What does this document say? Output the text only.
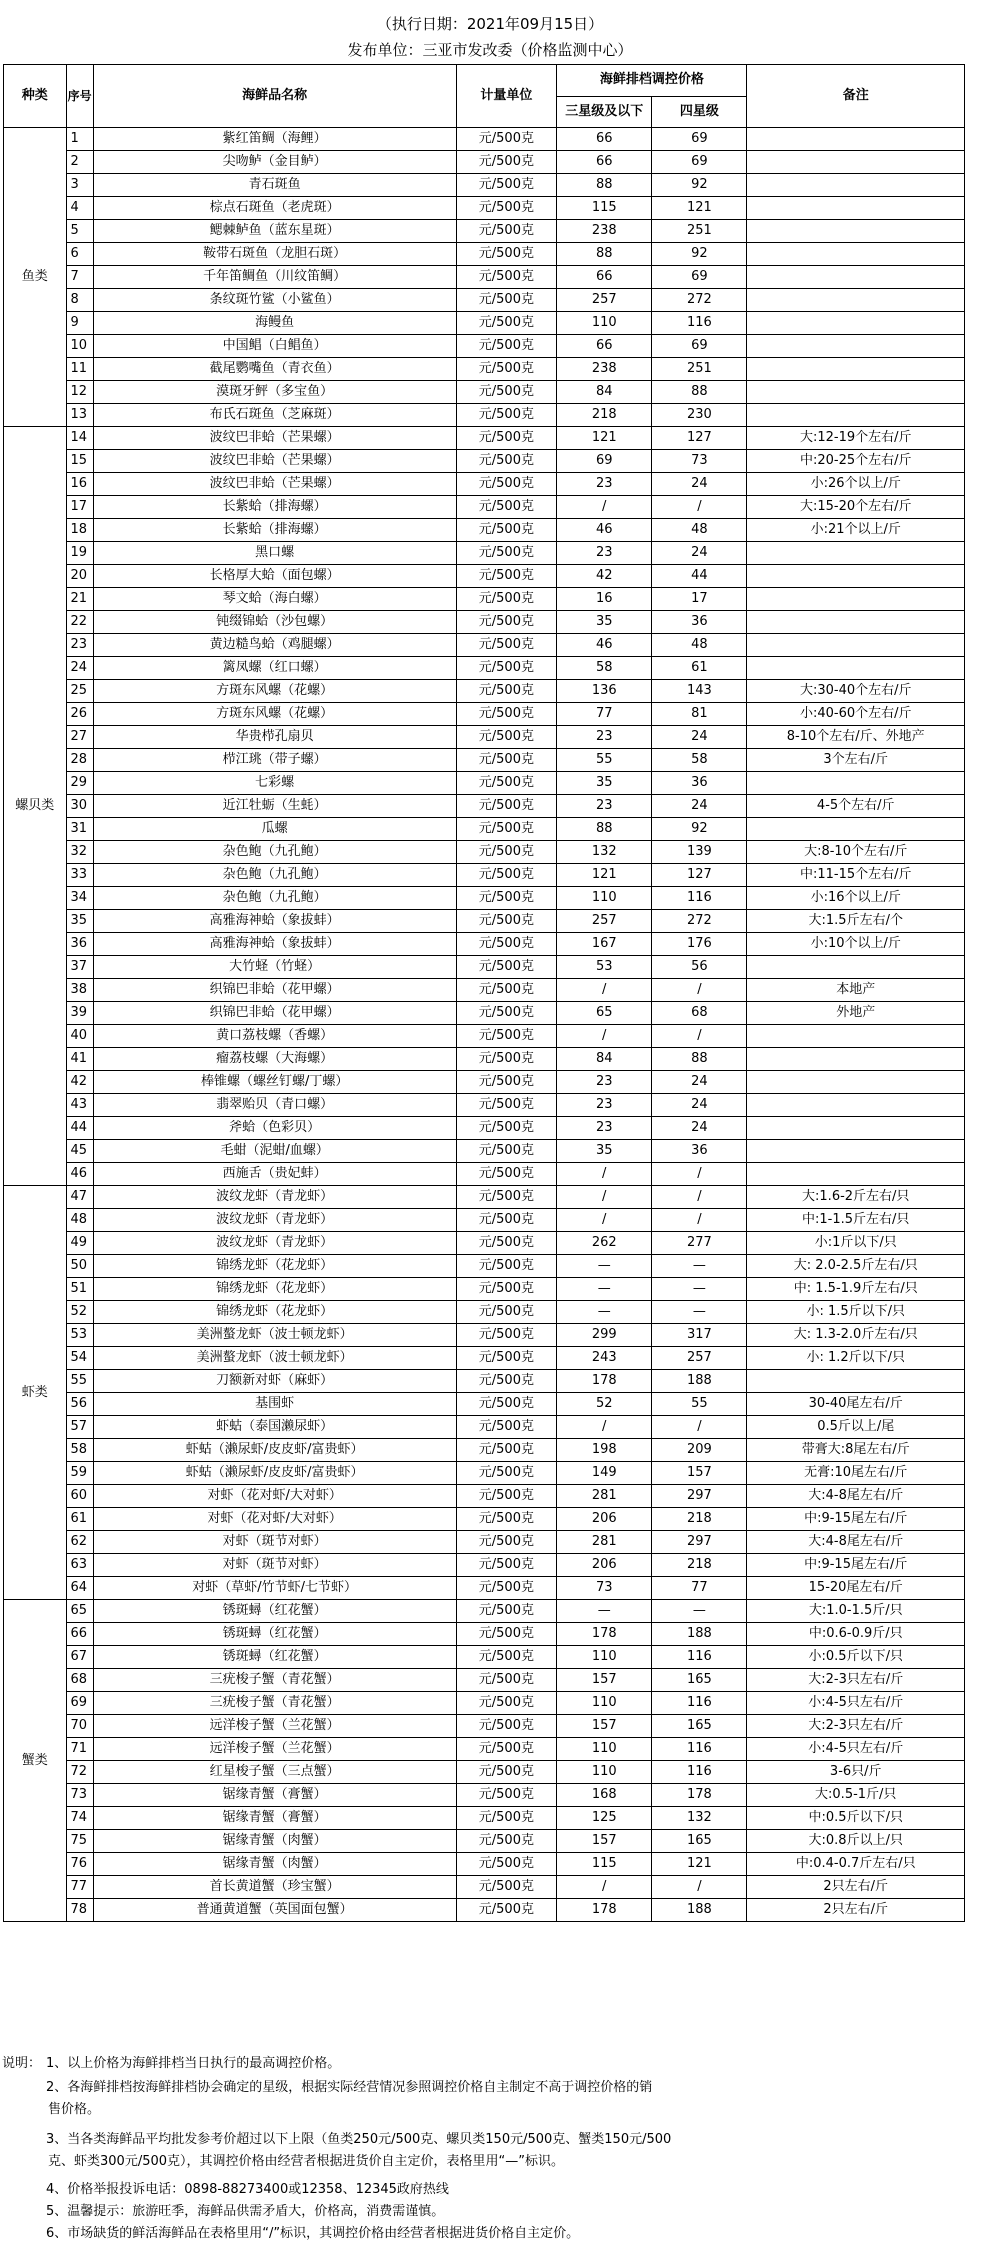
（执行日期：2021年09月15日）
发布单位：三亚市发改委（价格监测中心）
种类	序号	海鲜品名称	计量单位	海鲜排档调控价格		备注
				三星级及以下	四星级	
鱼类	1	紫红笛鲷（海鲤）	元/500克	66	69	
	2	尖吻鲈（金目鲈）	元/500克	66	69	
	3	青石斑鱼	元/500克	88	92	
	4	棕点石斑鱼（老虎斑）	元/500克	115	121	
	5	鳃棘鲈鱼（蓝东星斑）	元/500克	238	251	
	6	鞍带石斑鱼（龙胆石斑）	元/500克	88	92	
	7	千年笛鲷鱼（川纹笛鲷）	元/500克	66	69	
	8	条纹斑竹鲨（小鲨鱼）	元/500克	257	272	
	9	海鳗鱼	元/500克	110	116	
	10	中国鲳（白鲳鱼）	元/500克	66	69	
	11	截尾鹦嘴鱼（青衣鱼）	元/500克	238	251	
	12	漠斑牙鲆（多宝鱼）	元/500克	84	88	
	13	布氏石斑鱼（芝麻斑）	元/500克	218	230	
螺贝类	14	波纹巴非蛤（芒果螺）	元/500克	121	127	大:12-19个左右/斤
	15	波纹巴非蛤（芒果螺）	元/500克	69	73	中:20-25个左右/斤
	16	波纹巴非蛤（芒果螺）	元/500克	23	24	小:26个以上/斤
	17	长紫蛤（排海螺）	元/500克	/	/	大:15-20个左右/斤
	18	长紫蛤（排海螺）	元/500克	46	48	小:21个以上/斤
	19	黑口螺	元/500克	23	24	
	20	长格厚大蛤（面包螺）	元/500克	42	44	
	21	琴文蛤（海白螺）	元/500克	16	17	
	22	钝缀锦蛤（沙包螺）	元/500克	35	36	
	23	黄边糙鸟蛤（鸡腿螺）	元/500克	46	48	
	24	篱凤螺（红口螺）	元/500克	58	61	
	25	方斑东风螺（花螺）	元/500克	136	143	大:30-40个左右/斤
	26	方斑东风螺（花螺）	元/500克	77	81	小:40-60个左右/斤
	27	华贵栉孔扇贝	元/500克	23	24	8-10个左右/斤、外地产
	28	栉江珧（带子螺）	元/500克	55	58	3个左右/斤
	29	七彩螺	元/500克	35	36	
	30	近江牡蛎（生蚝）	元/500克	23	24	4-5个左右/斤
	31	瓜螺	元/500克	88	92	
	32	杂色鲍（九孔鲍）	元/500克	132	139	大:8-10个左右/斤
	33	杂色鲍（九孔鲍）	元/500克	121	127	中:11-15个左右/斤
	34	杂色鲍（九孔鲍）	元/500克	110	116	小:16个以上/斤
	35	高雅海神蛤（象拔蚌）	元/500克	257	272	大:1.5斤左右/个
	36	高雅海神蛤（象拔蚌）	元/500克	167	176	小:10个以上/斤
	37	大竹蛏（竹蛏）	元/500克	53	56	
	38	织锦巴非蛤（花甲螺）	元/500克	/	/	本地产
	39	织锦巴非蛤（花甲螺）	元/500克	65	68	外地产
	40	黄口荔枝螺（香螺）	元/500克	/	/	
	41	瘤荔枝螺（大海螺）	元/500克	84	88	
	42	棒锥螺（螺丝钉螺/丁螺）	元/500克	23	24	
	43	翡翠贻贝（青口螺）	元/500克	23	24	
	44	斧蛤（色彩贝）	元/500克	23	24	
	45	毛蚶（泥蚶/血螺）	元/500克	35	36	
	46	西施舌（贵妃蚌）	元/500克	/	/	
虾类	47	波纹龙虾（青龙虾）	元/500克	/	/	大:1.6-2斤左右/只
	48	波纹龙虾（青龙虾）	元/500克	/	/	中:1-1.5斤左右/只
	49	波纹龙虾（青龙虾）	元/500克	262	277	小:1斤以下/只
	50	锦绣龙虾（花龙虾）	元/500克	—	—	大: 2.0-2.5斤左右/只
	51	锦绣龙虾（花龙虾）	元/500克	—	—	中: 1.5-1.9斤左右/只
	52	锦绣龙虾（花龙虾）	元/500克	—	—	小: 1.5斤以下/只
	53	美洲螯龙虾（波士顿龙虾）	元/500克	299	317	大: 1.3-2.0斤左右/只
	54	美洲螯龙虾（波士顿龙虾）	元/500克	243	257	小: 1.2斤以下/只
	55	刀额新对虾（麻虾）	元/500克	178	188	
	56	基围虾	元/500克	52	55	30-40尾左右/斤
	57	虾蛄（泰国濑尿虾）	元/500克	/	/	0.5斤以上/尾
	58	虾蛄（濑尿虾/皮皮虾/富贵虾）	元/500克	198	209	带膏大:8尾左右/斤
	59	虾蛄（濑尿虾/皮皮虾/富贵虾）	元/500克	149	157	无膏:10尾左右/斤
	60	对虾（花对虾/大对虾）	元/500克	281	297	大:4-8尾左右/斤
	61	对虾（花对虾/大对虾）	元/500克	206	218	中:9-15尾左右/斤
	62	对虾（斑节对虾）	元/500克	281	297	大:4-8尾左右/斤
	63	对虾（斑节对虾）	元/500克	206	218	中:9-15尾左右/斤
	64	对虾（草虾/竹节虾/七节虾）	元/500克	73	77	15-20尾左右/斤
蟹类	65	锈斑蟳（红花蟹）	元/500克	—	—	大:1.0-1.5斤/只
	66	锈斑蟳（红花蟹）	元/500克	178	188	中:0.6-0.9斤/只
	67	锈斑蟳（红花蟹）	元/500克	110	116	小:0.5斤以下/只
	68	三疣梭子蟹（青花蟹）	元/500克	157	165	大:2-3只左右/斤
	69	三疣梭子蟹（青花蟹）	元/500克	110	116	小:4-5只左右/斤
	70	远洋梭子蟹（兰花蟹）	元/500克	157	165	大:2-3只左右/斤
	71	远洋梭子蟹（兰花蟹）	元/500克	110	116	小:4-5只左右/斤
	72	红星梭子蟹（三点蟹）	元/500克	110	116	3-6只/斤
	73	锯缘青蟹（膏蟹）	元/500克	168	178	大:0.5-1斤/只
	74	锯缘青蟹（膏蟹）	元/500克	125	132	中:0.5斤以下/只
	75	锯缘青蟹（肉蟹）	元/500克	157	165	大:0.8斤以上/只
	76	锯缘青蟹（肉蟹）	元/500克	115	121	中:0.4-0.7斤左右/只
	77	首长黄道蟹（珍宝蟹）	元/500克	/	/	2只左右/斤
	78	普通黄道蟹（英国面包蟹）	元/500克	178	188	2只左右/斤
说明： 1、以上价格为海鲜排档当日执行的最高调控价格。
2、各海鲜排档按海鲜排档协会确定的星级，根据实际经营情况参照调控价格自主制定不高于调控价格的销
售价格。
3、当各类海鲜品平均批发参考价超过以下上限（鱼类250元/500克、螺贝类150元/500克、蟹类150元/500
克、虾类300元/500克），其调控价格由经营者根据进货价自主定价，表格里用“—”标识。
4、价格举报投诉电话：0898-88273400或12358、12345政府热线
5、温馨提示：旅游旺季，海鲜品供需矛盾大，价格高，消费需谨慎。
6、市场缺货的鲜活海鲜品在表格里用“/”标识，其调控价格由经营者根据进货价格自主定价。
